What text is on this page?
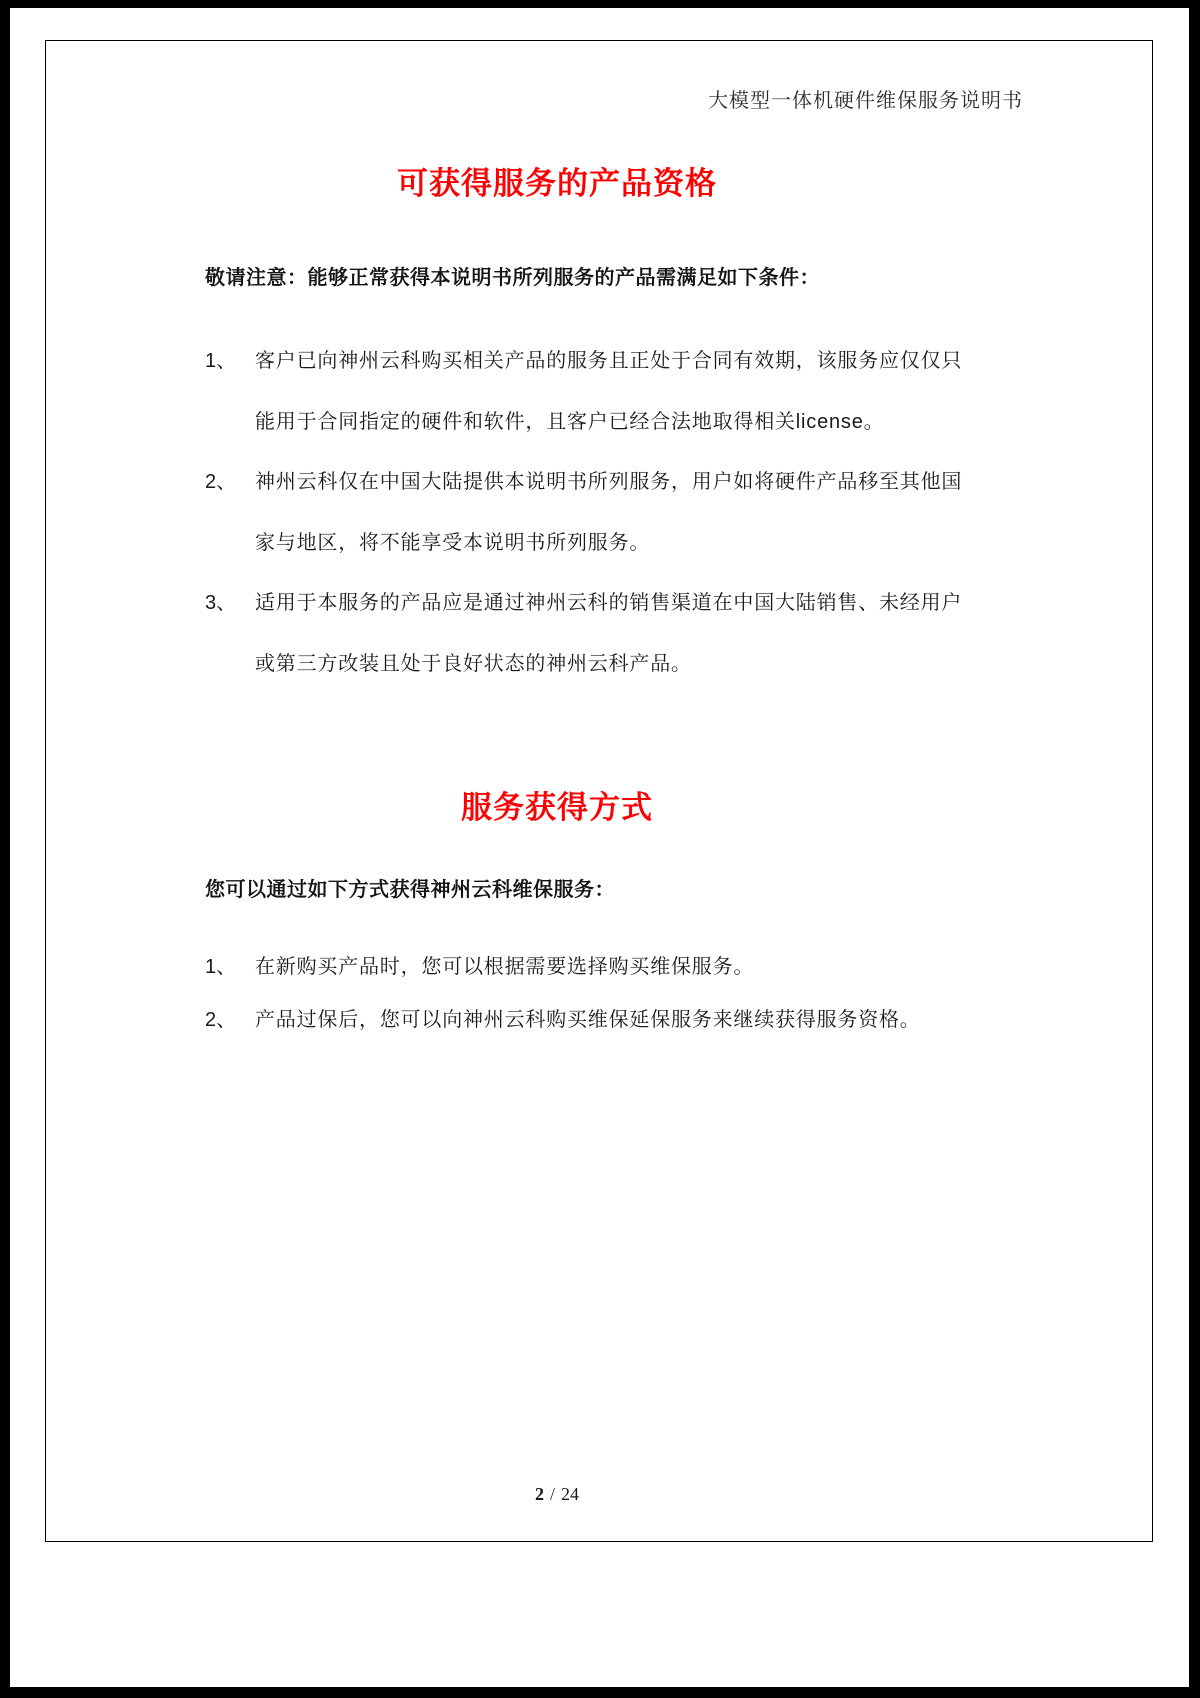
大模型一体机硬件维保服务说明书
可获得服务的产品资格
敬请注意：能够正常获得本说明书所列服务的产品需满足如下条件：
1、 客户已向神州云科购买相关产品的服务且正处于合同有效期，该服务应仅仅只
能用于合同指定的硬件和软件，且客户已经合法地取得相关license。
2、 神州云科仅在中国大陆提供本说明书所列服务，用户如将硬件产品移至其他国
家与地区，将不能享受本说明书所列服务。
3、 适用于本服务的产品应是通过神州云科的销售渠道在中国大陆销售、未经用户
或第三方改装且处于良好状态的神州云科产品。
服务获得方式
您可以通过如下方式获得神州云科维保服务：
1、 在新购买产品时，您可以根据需要选择购买维保服务。
2、 产品过保后，您可以向神州云科购买维保延保服务来继续获得服务资格。
2 / 24
